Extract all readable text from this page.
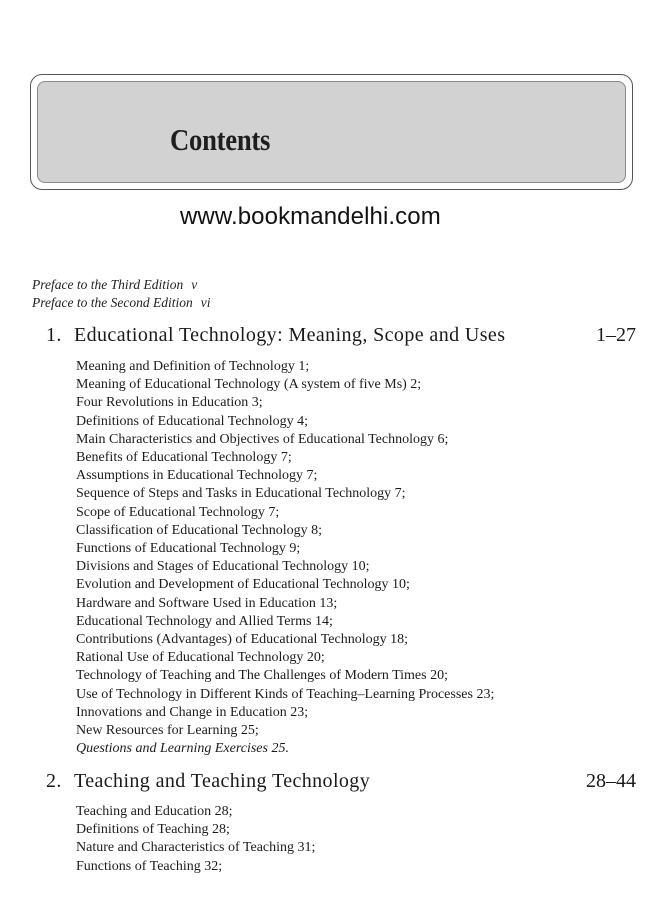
Contents
www.bookmandelhi.com
Preface to the Third Edition v
Preface to the Second Edition vi
1. Educational Technology: Meaning, Scope and Uses	1–27
Meaning and Definition of Technology 1;
Meaning of Educational Technology (A system of five Ms) 2;
Four Revolutions in Education 3;
Definitions of Educational Technology 4;
Main Characteristics and Objectives of Educational Technology 6;
Benefits of Educational Technology 7;
Assumptions in Educational Technology 7;
Sequence of Steps and Tasks in Educational Technology 7;
Scope of Educational Technology 7;
Classification of Educational Technology 8;
Functions of Educational Technology 9;
Divisions and Stages of Educational Technology 10;
Evolution and Development of Educational Technology 10;
Hardware and Software Used in Education 13;
Educational Technology and Allied Terms 14;
Contributions (Advantages) of Educational Technology 18;
Rational Use of Educational Technology 20;
Technology of Teaching and The Challenges of Modern Times 20;
Use of Technology in Different Kinds of Teaching–Learning Processes 23;
Innovations and Change in Education 23;
New Resources for Learning 25;
Questions and Learning Exercises 25.
2. Teaching and Teaching Technology	28–44
Teaching and Education 28;
Definitions of Teaching 28;
Nature and Characteristics of Teaching 31;
Functions of Teaching 32;
